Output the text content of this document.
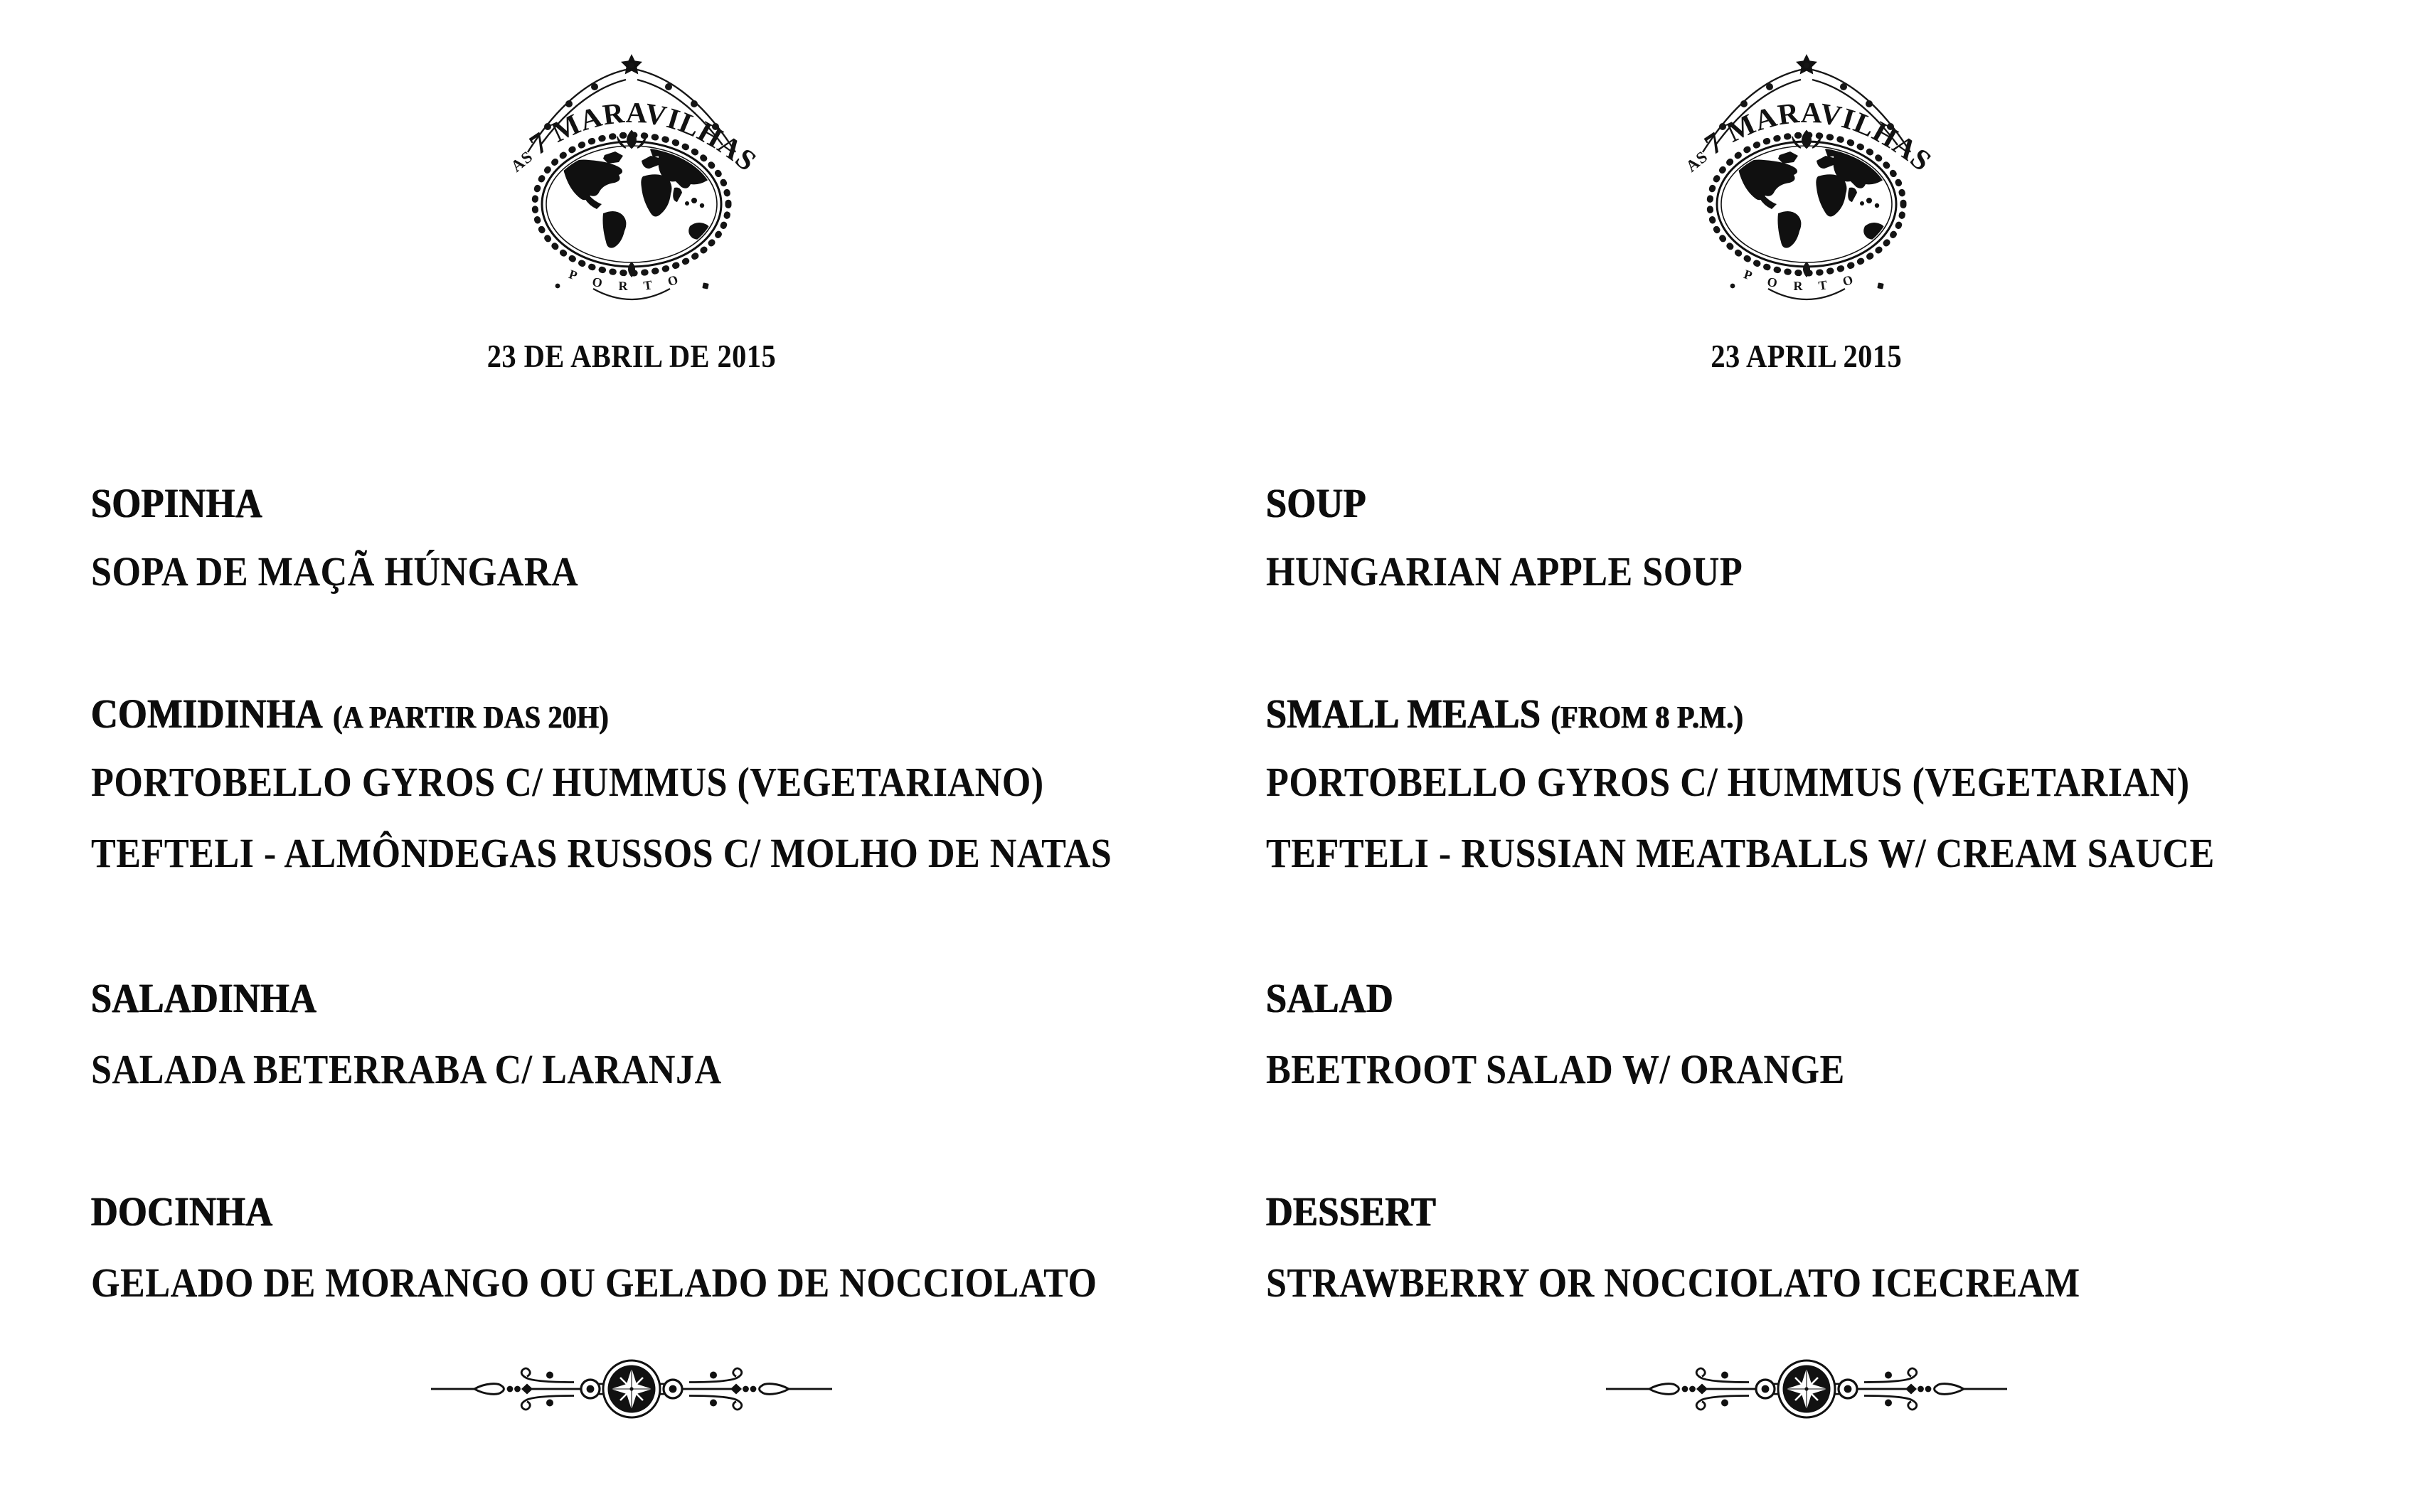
23 DE ABRIL DE 2015
SOPINHA
SOPA DE MAÇÃ HÚNGARA
COMIDINHA (A PARTIR DAS 20H)
PORTOBELLO GYROS C/ HUMMUS (VEGETARIANO)
TEFTELI - ALMÔNDEGAS RUSSOS C/ MOLHO DE NATAS
SALADINHA
SALADA BETERRABA C/ LARANJA
DOCINHA
GELADO DE MORANGO OU GELADO DE NOCCIOLATO
23 APRIL 2015
SOUP
HUNGARIAN APPLE SOUP
SMALL MEALS (FROM 8 P.M.)
PORTOBELLO GYROS C/ HUMMUS (VEGETARIAN)
TEFTELI - RUSSIAN MEATBALLS W/ CREAM SAUCE
SALAD
BEETROOT SALAD W/ ORANGE
DESSERT
STRAWBERRY OR NOCCIOLATO ICECREAM
